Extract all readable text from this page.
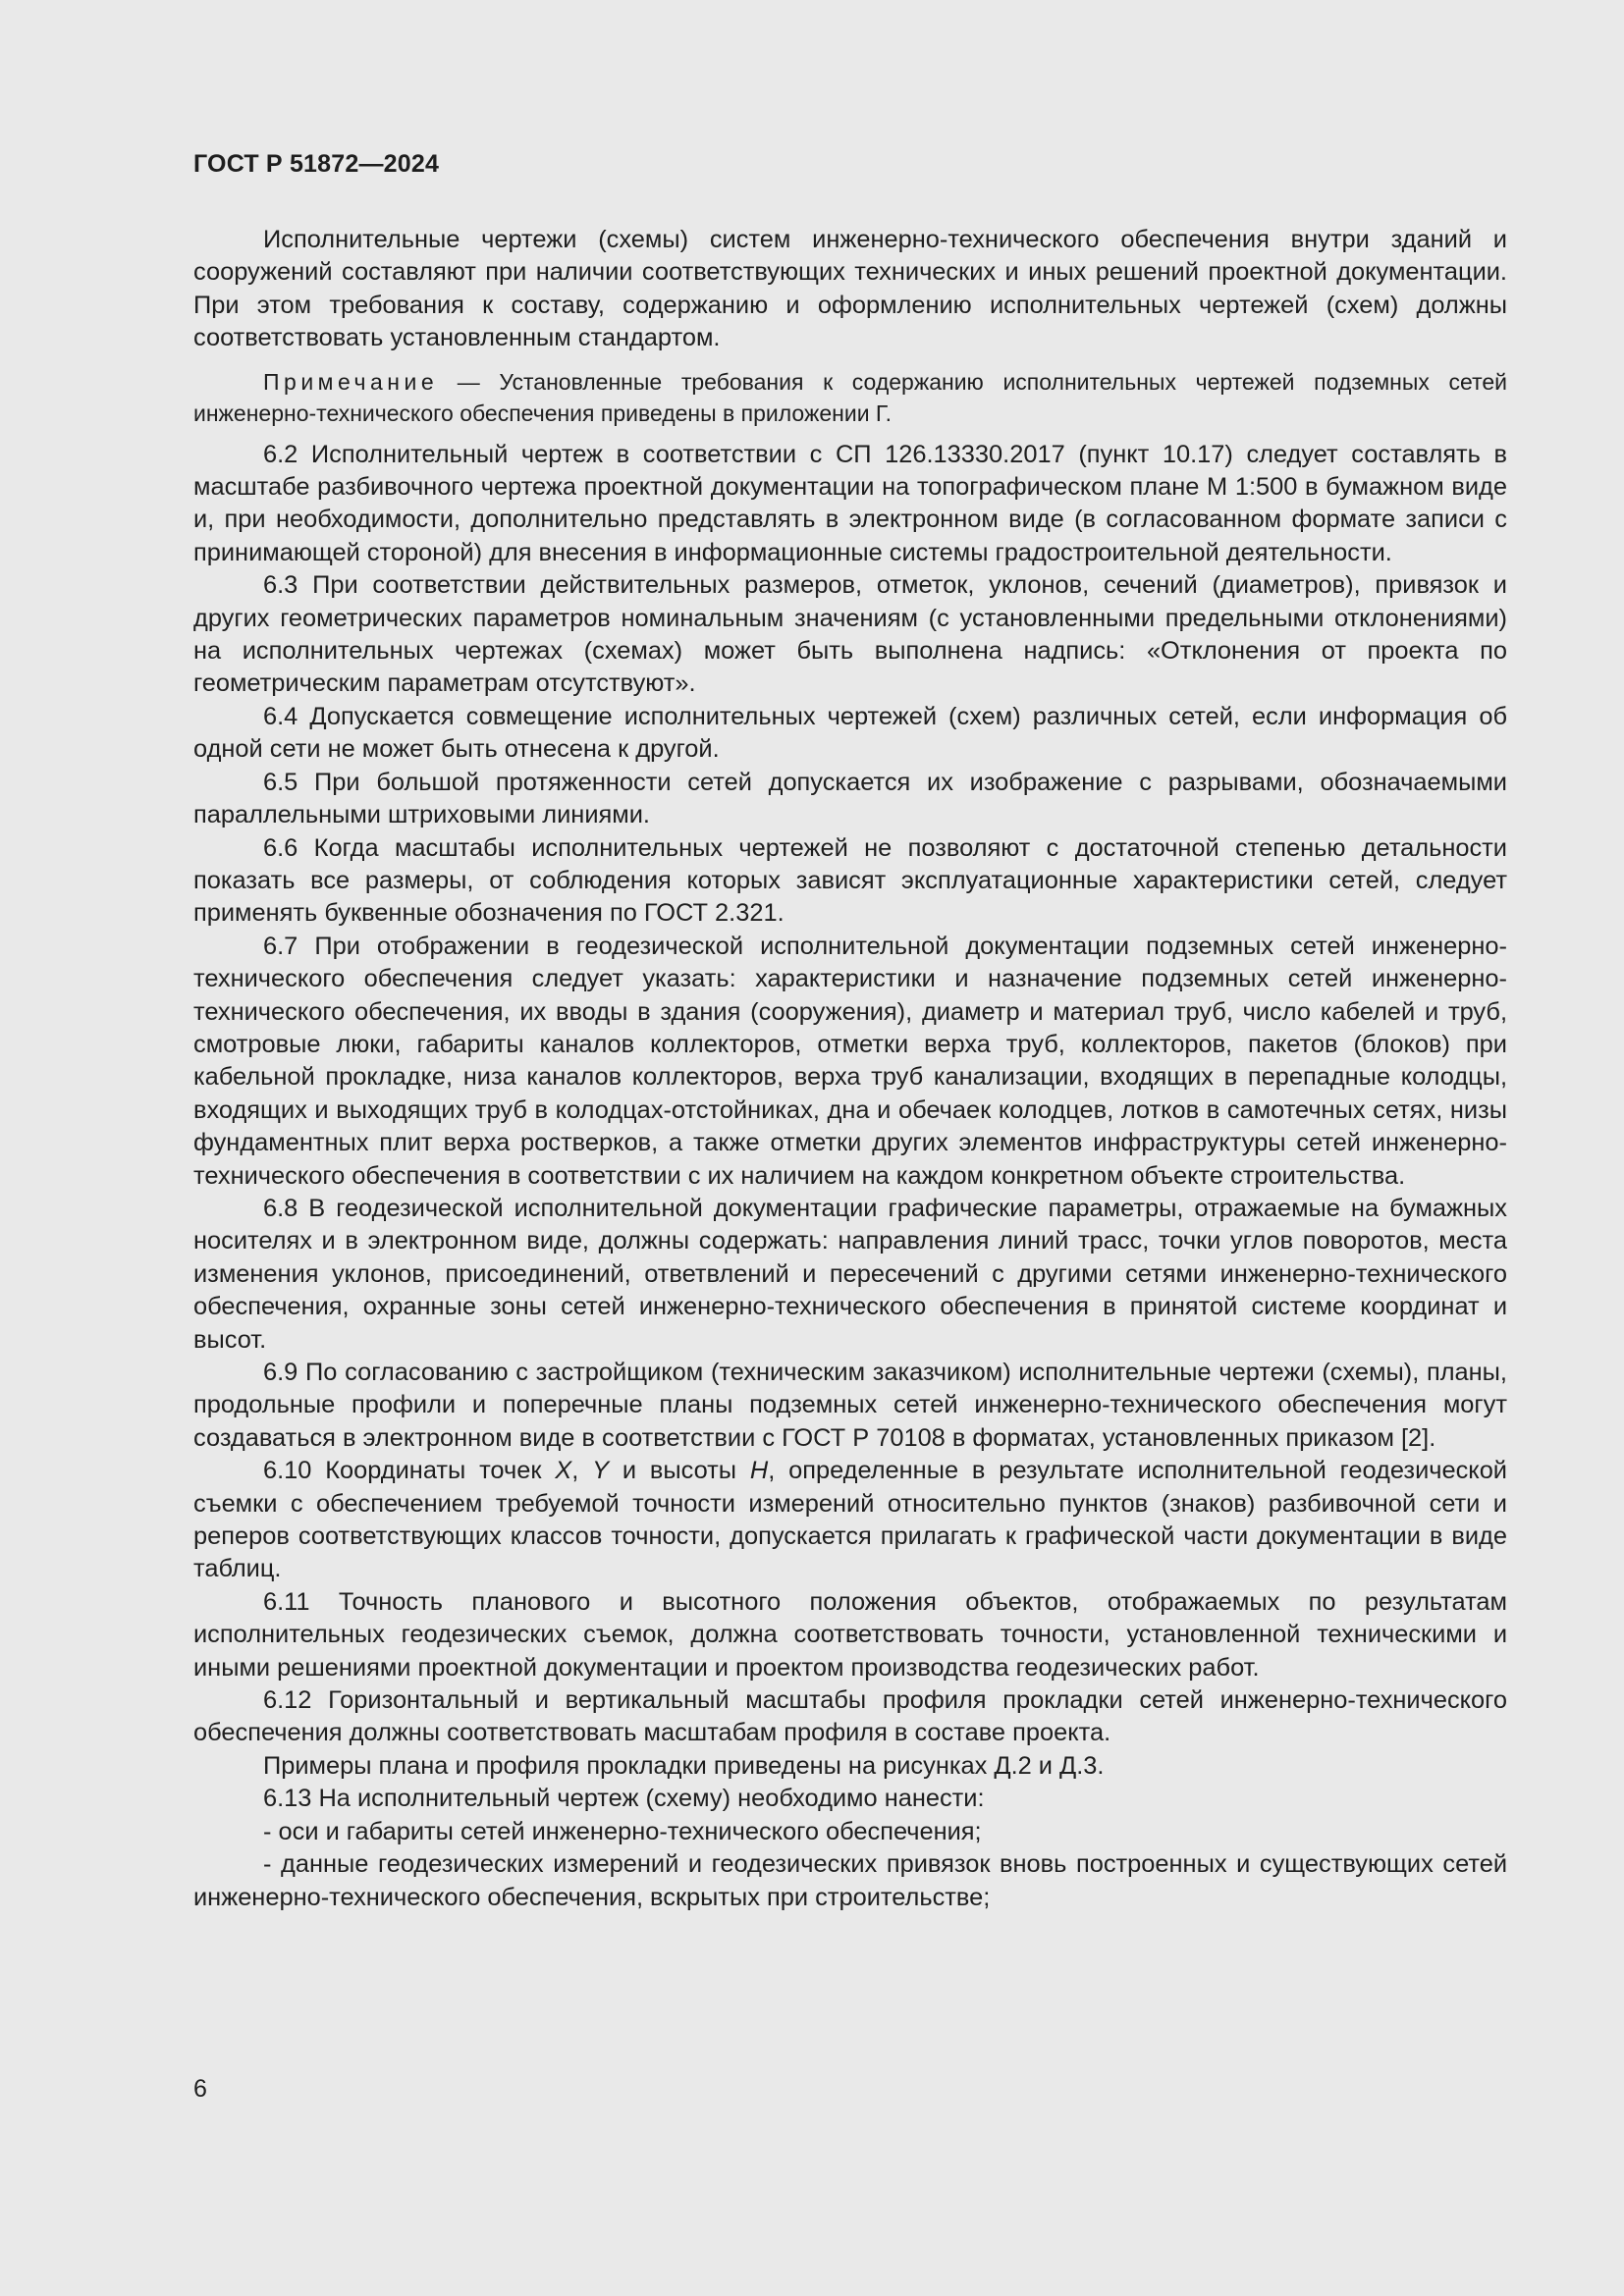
ГОСТ Р 51872—2024

Исполнительные чертежи (схемы) систем инженерно-технического обеспечения внутри зданий и сооружений составляют при наличии соответствующих технических и иных решений проектной документации. При этом требования к составу, содержанию и оформлению исполнительных чертежей (схем) должны соответствовать установленным стандартом.

Примечание — Установленные требования к содержанию исполнительных чертежей подземных сетей инженерно-технического обеспечения приведены в приложении Г.

6.2 Исполнительный чертеж в соответствии с СП 126.13330.2017 (пункт 10.17) следует составлять в масштабе разбивочного чертежа проектной документации на топографическом плане М 1:500 в бумажном виде и, при необходимости, дополнительно представлять в электронном виде (в согласованном формате записи с принимающей стороной) для внесения в информационные системы градостроительной деятельности.

6.3 При соответствии действительных размеров, отметок, уклонов, сечений (диаметров), привязок и других геометрических параметров номинальным значениям (с установленными предельными отклонениями) на исполнительных чертежах (схемах) может быть выполнена надпись: «Отклонения от проекта по геометрическим параметрам отсутствуют».

6.4 Допускается совмещение исполнительных чертежей (схем) различных сетей, если информация об одной сети не может быть отнесена к другой.

6.5 При большой протяженности сетей допускается их изображение с разрывами, обозначаемыми параллельными штриховыми линиями.

6.6 Когда масштабы исполнительных чертежей не позволяют с достаточной степенью детальности показать все размеры, от соблюдения которых зависят эксплуатационные характеристики сетей, следует применять буквенные обозначения по ГОСТ 2.321.

6.7 При отображении в геодезической исполнительной документации подземных сетей инженерно-технического обеспечения следует указать: характеристики и назначение подземных сетей инженерно-технического обеспечения, их вводы в здания (сооружения), диаметр и материал труб, число кабелей и труб, смотровые люки, габариты каналов коллекторов, отметки верха труб, коллекторов, пакетов (блоков) при кабельной прокладке, низа каналов коллекторов, верха труб канализации, входящих в перепадные колодцы, входящих и выходящих труб в колодцах-отстойниках, дна и обечаек колодцев, лотков в самотечных сетях, низы фундаментных плит верха ростверков, а также отметки других элементов инфраструктуры сетей инженерно-технического обеспечения в соответствии с их наличием на каждом конкретном объекте строительства.

6.8 В геодезической исполнительной документации графические параметры, отражаемые на бумажных носителях и в электронном виде, должны содержать: направления линий трасс, точки углов поворотов, места изменения уклонов, присоединений, ответвлений и пересечений с другими сетями инженерно-технического обеспечения, охранные зоны сетей инженерно-технического обеспечения в принятой системе координат и высот.

6.9 По согласованию с застройщиком (техническим заказчиком) исполнительные чертежи (схемы), планы, продольные профили и поперечные планы подземных сетей инженерно-технического обеспечения могут создаваться в электронном виде в соответствии с ГОСТ Р 70108 в форматах, установленных приказом [2].

6.10 Координаты точек X, Y и высоты H, определенные в результате исполнительной геодезической съемки с обеспечением требуемой точности измерений относительно пунктов (знаков) разбивочной сети и реперов соответствующих классов точности, допускается прилагать к графической части документации в виде таблиц.

6.11 Точность планового и высотного положения объектов, отображаемых по результатам исполнительных геодезических съемок, должна соответствовать точности, установленной техническими и иными решениями проектной документации и проектом производства геодезических работ.

6.12 Горизонтальный и вертикальный масштабы профиля прокладки сетей инженерно-технического обеспечения должны соответствовать масштабам профиля в составе проекта.

Примеры плана и профиля прокладки приведены на рисунках Д.2 и Д.3.

6.13 На исполнительный чертеж (схему) необходимо нанести:

- оси и габариты сетей инженерно-технического обеспечения;

- данные геодезических измерений и геодезических привязок вновь построенных и существующих сетей инженерно-технического обеспечения, вскрытых при строительстве;

6
